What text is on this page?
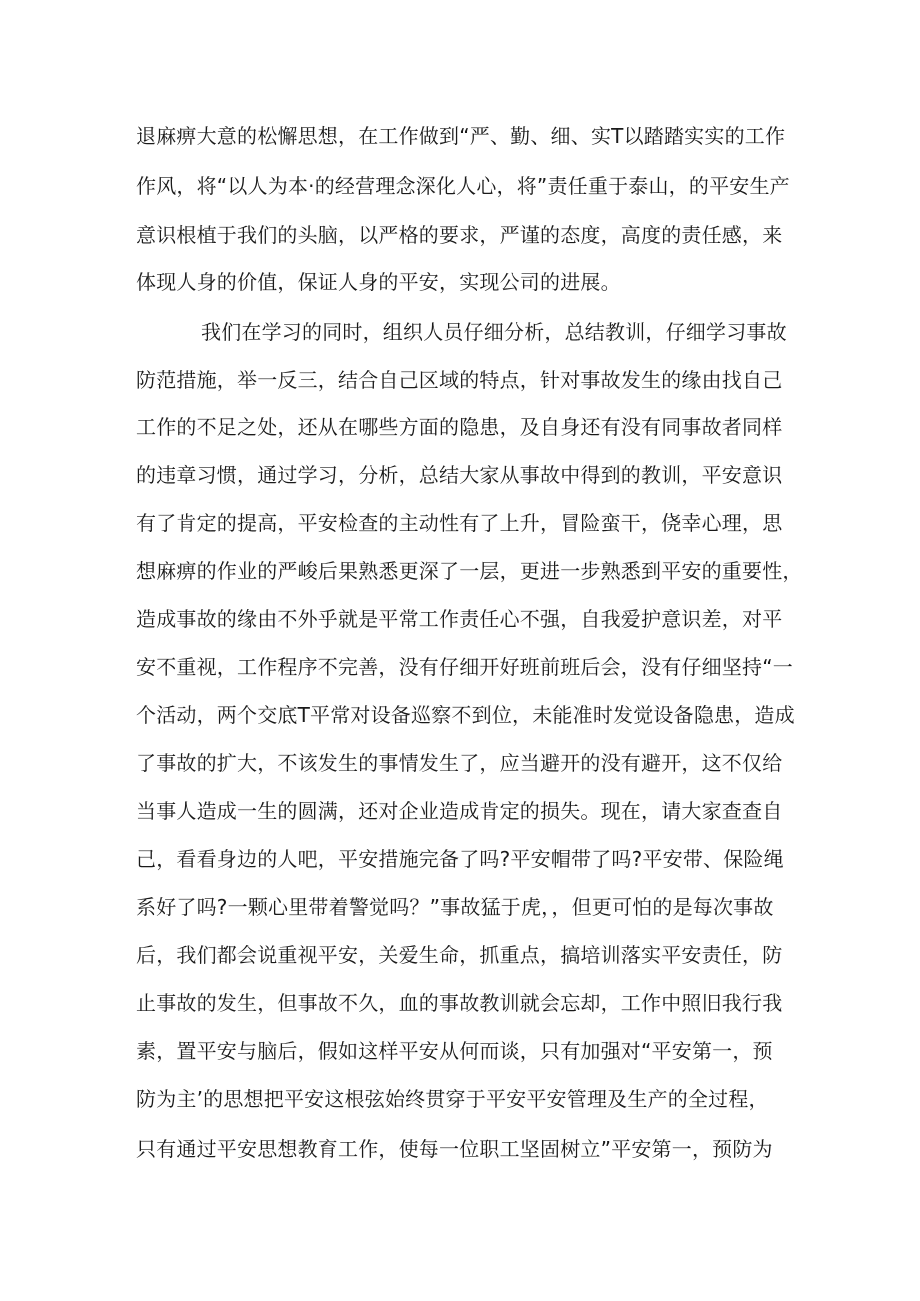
退麻痹大意的松懈思想，在工作做到“严、勤、细、实T以踏踏实实的工作
作风，将“以人为本·的经营理念深化人心，将”责任重于泰山，的平安生产
意识根植于我们的头脑，以严格的要求，严谨的态度，高度的责任感，来
体现人身的价值，保证人身的平安，实现公司的进展。
我们在学习的同时，组织人员仔细分析，总结教训，仔细学习事故
防范措施，举一反三，结合自己区域的特点，针对事故发生的缘由找自己
工作的不足之处，还从在哪些方面的隐患，及自身还有没有同事故者同样
的违章习惯，通过学习，分析，总结大家从事故中得到的教训，平安意识
有了肯定的提高，平安检查的主动性有了上升，冒险蛮干，侥幸心理，思
想麻痹的作业的严峻后果熟悉更深了一层，更进一步熟悉到平安的重要性，
造成事故的缘由不外乎就是平常工作责任心不强，自我爱护意识差，对平
安不重视，工作程序不完善，没有仔细开好班前班后会，没有仔细坚持“一
个活动，两个交底T平常对设备巡察不到位，未能准时发觉设备隐患，造成
了事故的扩大，不该发生的事情发生了，应当避开的没有避开，这不仅给
当事人造成一生的圆满，还对企业造成肯定的损失。现在，请大家查查自
己，看看身边的人吧，平安措施完备了吗?平安帽带了吗?平安带、保险绳
系好了吗?一颗心里带着警觉吗？”事故猛于虎，，但更可怕的是每次事故
后，我们都会说重视平安，关爱生命，抓重点，搞培训落实平安责任，防
止事故的发生，但事故不久，血的事故教训就会忘却，工作中照旧我行我
素，置平安与脑后，假如这样平安从何而谈，只有加强对“平安第一，预
防为主’的思想把平安这根弦始终贯穿于平安平安管理及生产的全过程，
只有通过平安思想教育工作，使每一位职工坚固树立”平安第一，预防为
